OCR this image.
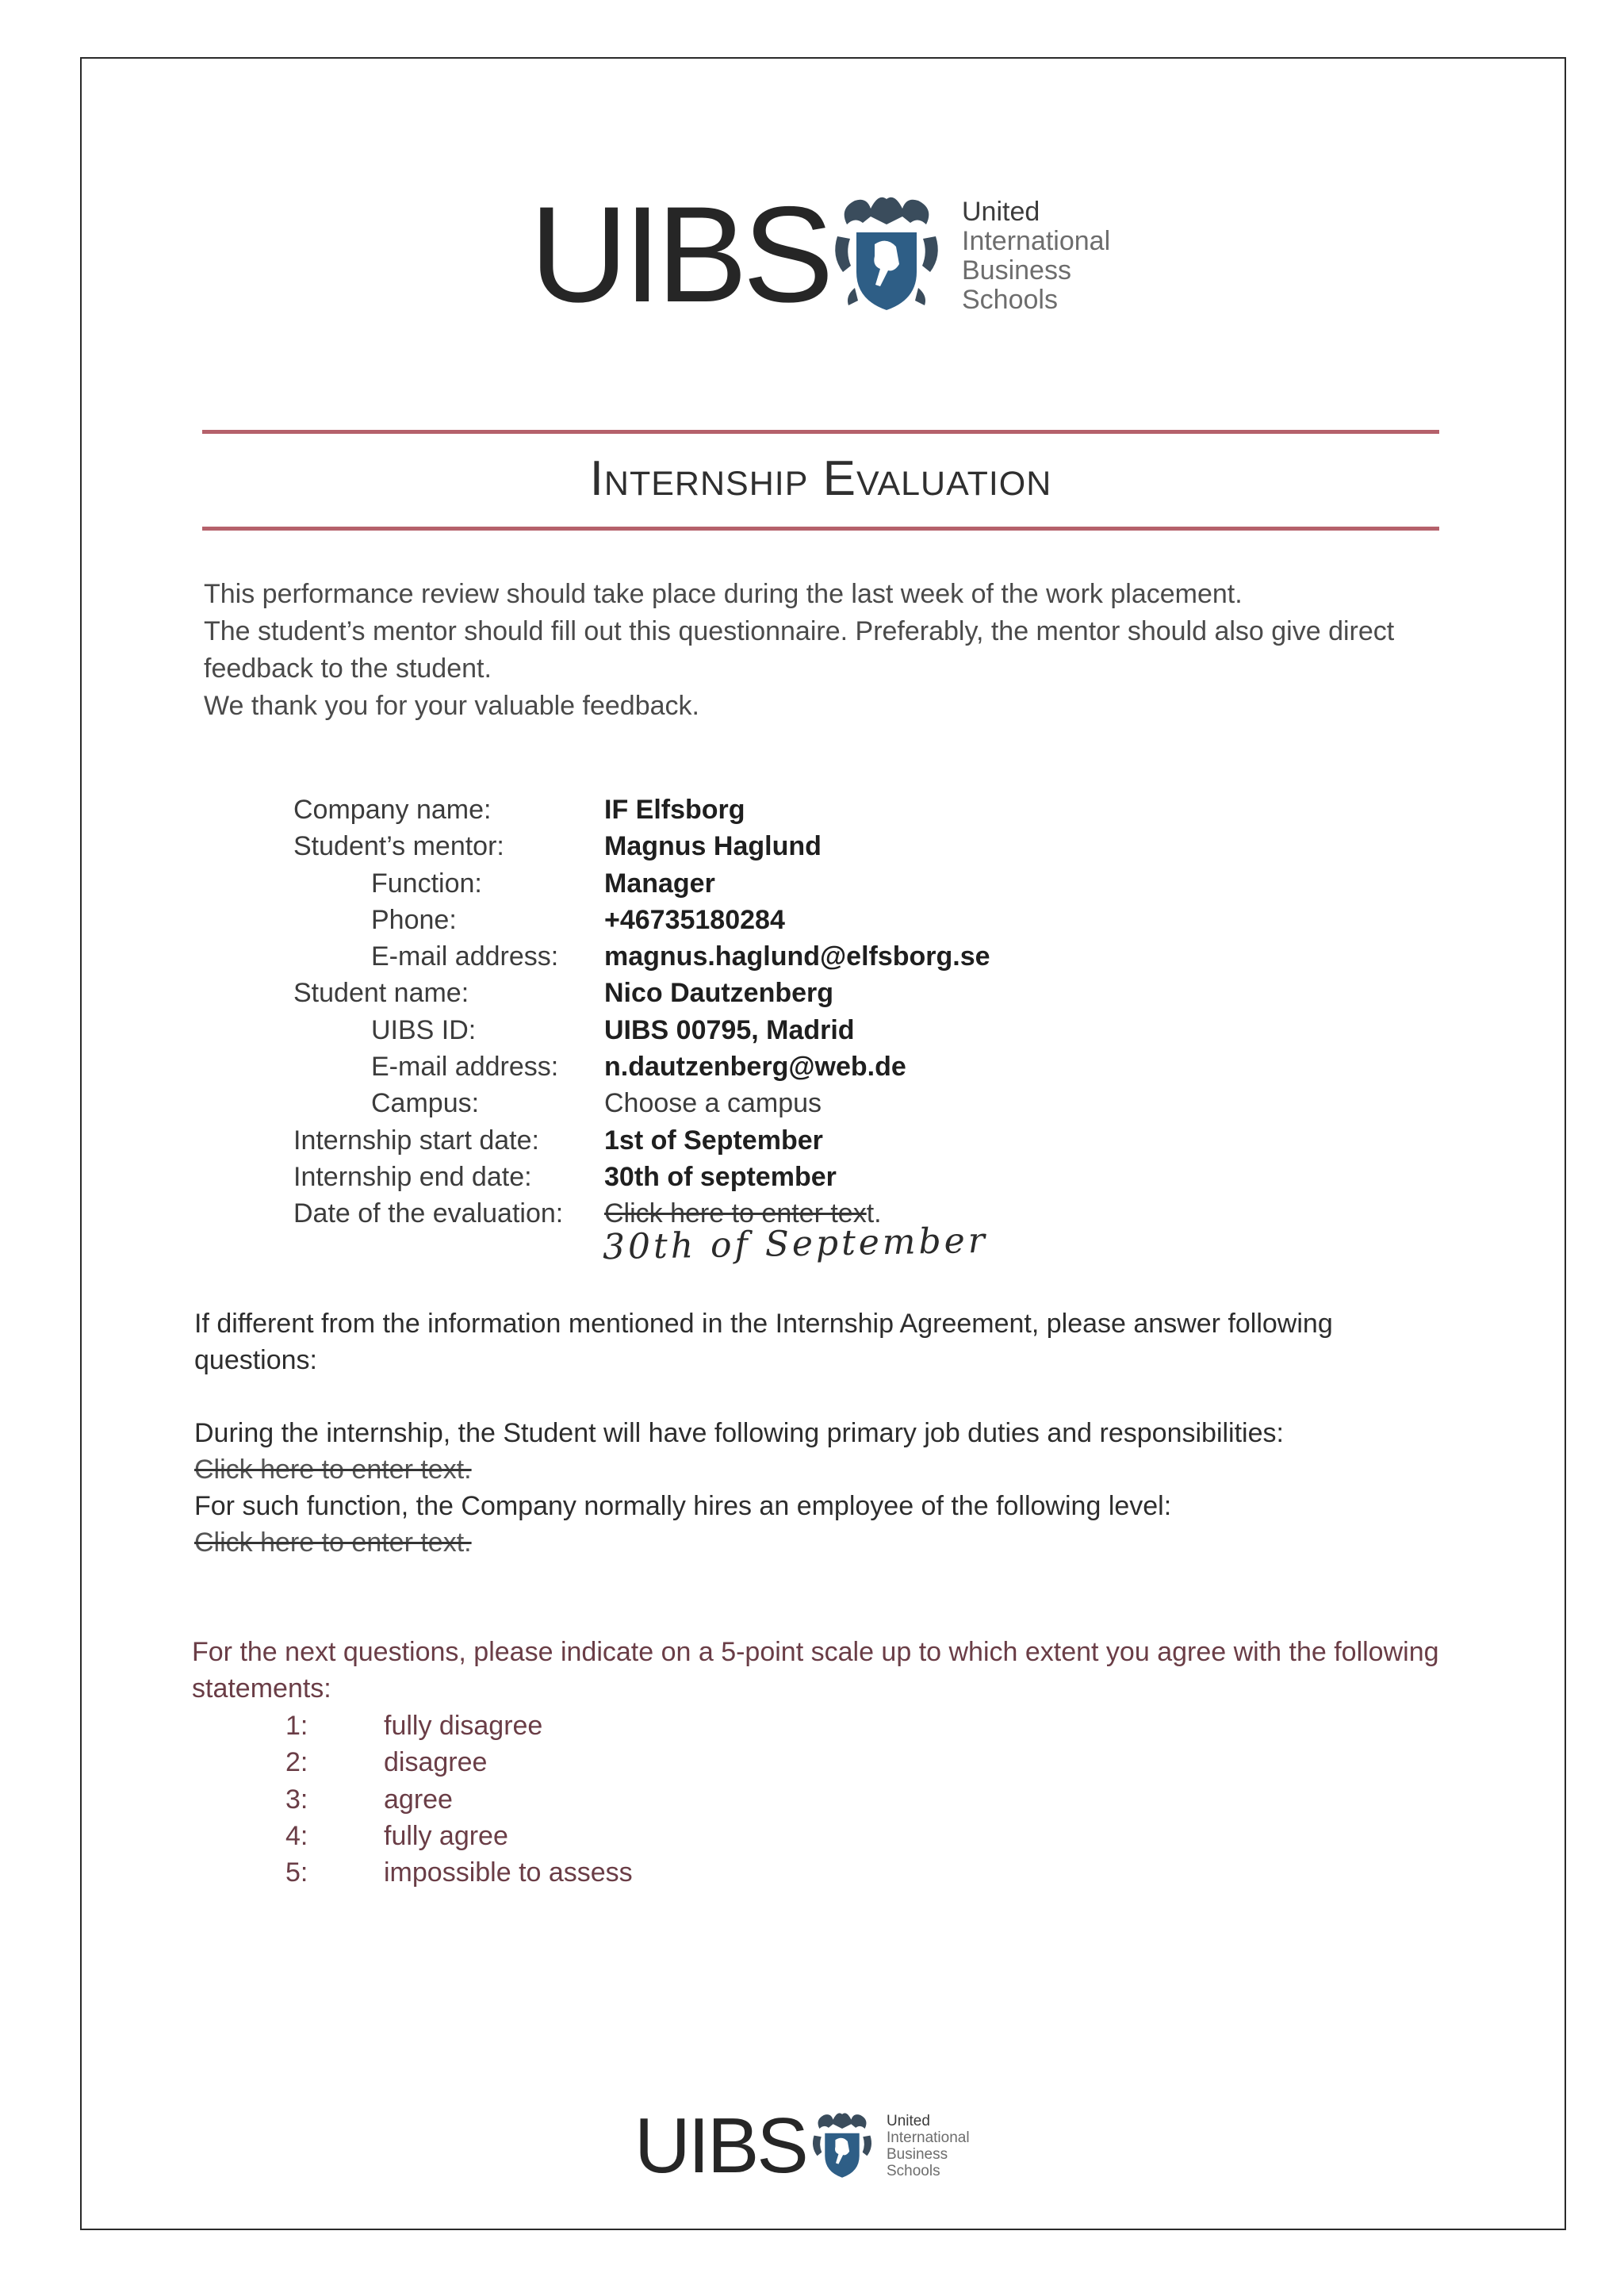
UIBS	United
International
Business
Schools
Internship Evaluation

This performance review should take place during the last week of the work placement.

The student’s mentor should fill out this questionnaire. Preferably, the mentor should also give direct feedback to the student.

We thank you for your valuable feedback.

Company name:	IF Elfsborg
Student’s mentor:	Magnus Haglund
Function:	Manager
Phone:	+46735180284
E-mail address:	magnus.haglund@elfsborg.se
Student name:	Nico Dautzenberg
UIBS ID:	UIBS 00795, Madrid
E-mail address:	n.dautzenberg@web.de
Campus:	Choose a campus
Internship start date:	1st of September
Internship end date:	30th of september
Date of the evaluation:	Click here to enter text.
30th of September

If different from the information mentioned in the Internship Agreement, please answer following questions:

During the internship, the Student will have following primary job duties and responsibilities:

Click here to enter text.

For such function, the Company normally hires an employee of the following level:

Click here to enter text.

For the next questions, please indicate on a 5-point scale up to which extent you agree with the following statements:

1:	fully disagree
2:	disagree
3:	agree
4:	fully agree
5:	impossible to assess
UIBS	United
International
Business
Schools
